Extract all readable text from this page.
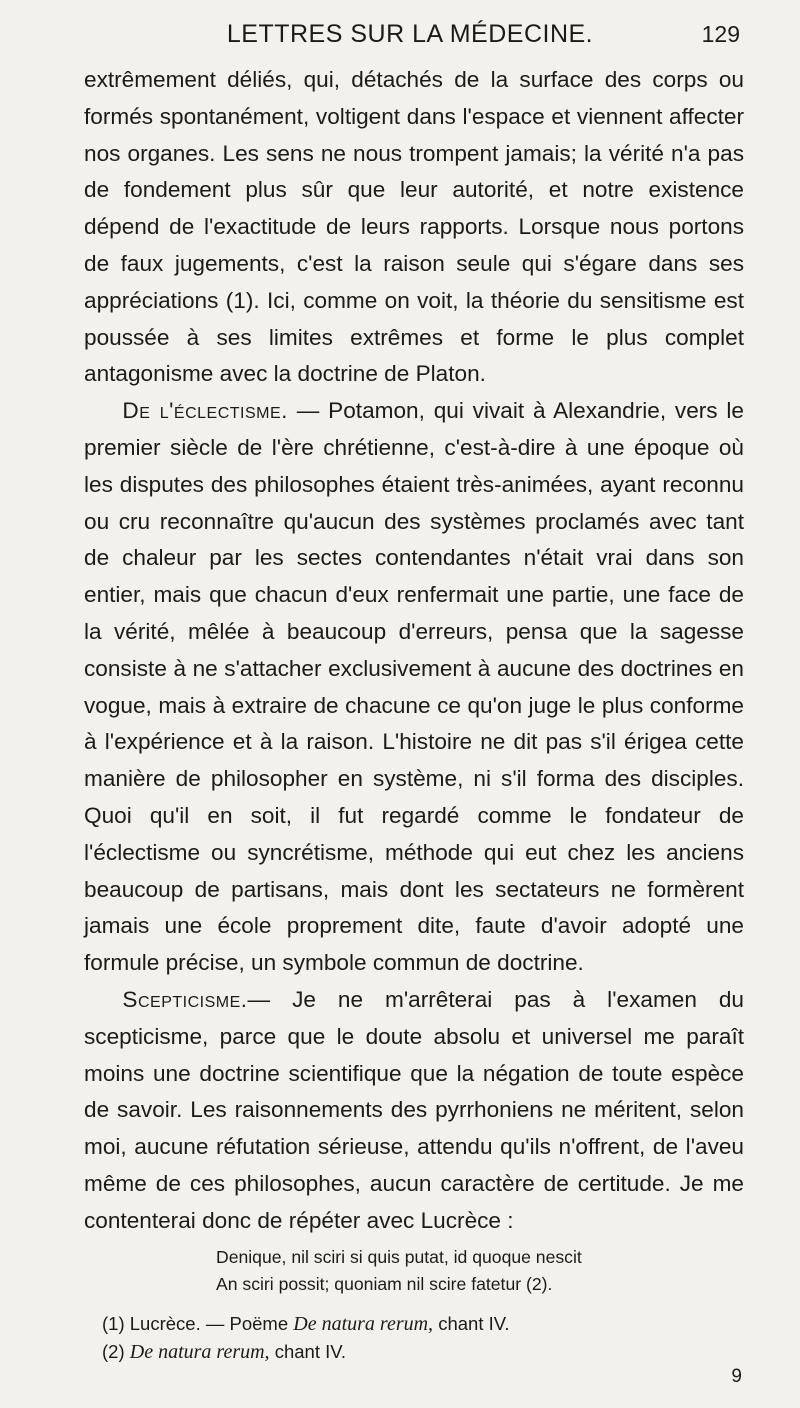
LETTRES SUR LA MÉDECINE.	129

extrêmement déliés, qui, détachés de la surface des corps ou formés spontanément, voltigent dans l'espace et viennent affecter nos organes. Les sens ne nous trompent jamais; la vérité n'a pas de fondement plus sûr que leur autorité, et notre existence dépend de l'exactitude de leurs rapports. Lorsque nous portons de faux jugements, c'est la raison seule qui s'égare dans ses appréciations (1). Ici, comme on voit, la théorie du sensitisme est poussée à ses limites extrêmes et forme le plus complet antagonisme avec la doctrine de Platon.

De l'éclectisme. — Potamon, qui vivait à Alexandrie, vers le premier siècle de l'ère chrétienne, c'est-à-dire à une époque où les disputes des philosophes étaient très-animées, ayant reconnu ou cru reconnaître qu'aucun des systèmes proclamés avec tant de chaleur par les sectes contendantes n'était vrai dans son entier, mais que chacun d'eux renfermait une partie, une face de la vérité, mêlée à beaucoup d'erreurs, pensa que la sagesse consiste à ne s'attacher exclusivement à aucune des doctrines en vogue, mais à extraire de chacune ce qu'on juge le plus conforme à l'expérience et à la raison. L'histoire ne dit pas s'il érigea cette manière de philosopher en système, ni s'il forma des disciples. Quoi qu'il en soit, il fut regardé comme le fondateur de l'éclectisme ou syncrétisme, méthode qui eut chez les anciens beaucoup de partisans, mais dont les sectateurs ne formèrent jamais une école proprement dite, faute d'avoir adopté une formule précise, un symbole commun de doctrine.

Scepticisme.— Je ne m'arrêterai pas à l'examen du scepticisme, parce que le doute absolu et universel me paraît moins une doctrine scientifique que la négation de toute espèce de savoir. Les raisonnements des pyrrhoniens ne méritent, selon moi, aucune réfutation sérieuse, attendu qu'ils n'offrent, de l'aveu même de ces philosophes, aucun caractère de certitude. Je me contenterai donc de répéter avec Lucrèce :

Denique, nil sciri si quis putat, id quoque nescit
An sciri possit; quoniam nil scire fatetur (2).
(1) Lucrèce. — Poëme De natura rerum, chant IV.
(2) De natura rerum, chant IV.
9
